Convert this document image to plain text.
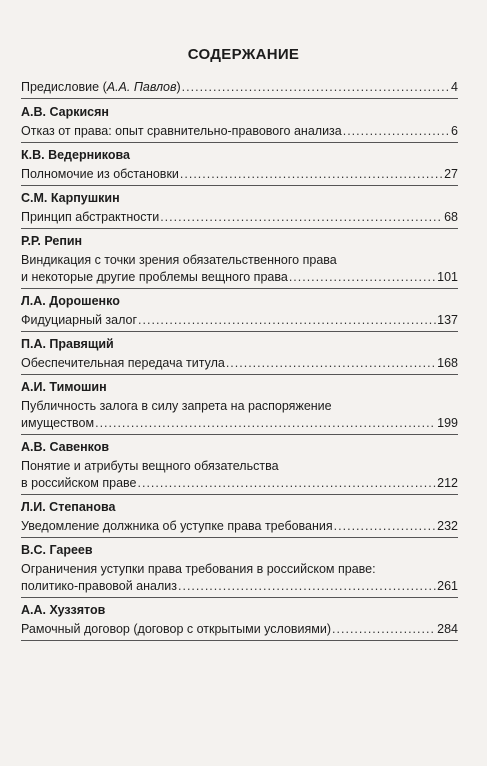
СОДЕРЖАНИЕ
Предисловие (А.А. Павлов) .....	4
А.В. Саркисян
Отказ от права: опыт сравнительно-правового анализа .....	6
К.В. Ведерникова
Полномочие из обстановки .....	27
С.М. Карпушкин
Принцип абстрактности .....	68
Р.Р. Репин
Виндикация с точки зрения обязательственного права
и некоторые другие проблемы вещного права .....	101
Л.А. Дорошенко
Фидуциарный залог .....	137
П.А. Правящий
Обеспечительная передача титула .....	168
А.И. Тимошин
Публичность залога в силу запрета на распоряжение
имуществом .....	199
А.В. Савенков
Понятие и атрибуты вещного обязательства
в российском праве .....	212
Л.И. Степанова
Уведомление должника об уступке права требования .....	232
В.С. Гареев
Ограничения уступки права требования в российском праве:
политико-правовой анализ .....	261
А.А. Хуззятов
Рамочный договор (договор с открытыми условиями) .....	284
